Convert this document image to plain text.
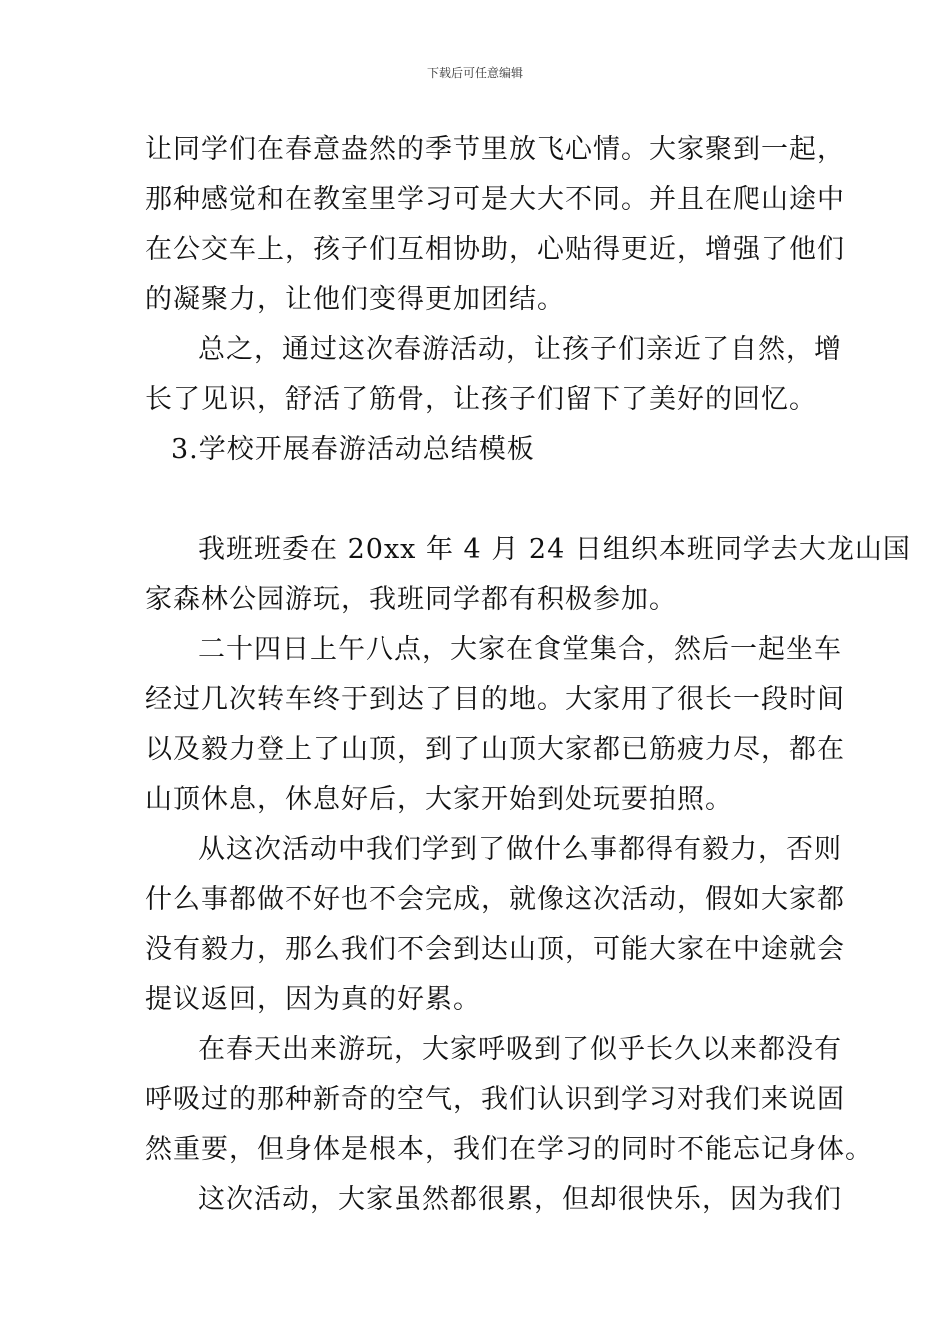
下载后可任意编辑
让同学们在春意盎然的季节里放飞心情。大家聚到一起，
那种感觉和在教室里学习可是大大不同。并且在爬山途中
在公交车上，孩子们互相协助，心贴得更近，增强了他们
的凝聚力，让他们变得更加团结。
总之，通过这次春游活动，让孩子们亲近了自然，增
长了见识，舒活了筋骨，让孩子们留下了美好的回忆。
3.学校开展春游活动总结模板
我班班委在 20xx 年 4 月 24 日组织本班同学去大龙山国
家森林公园游玩，我班同学都有积极参加。
二十四日上午八点，大家在食堂集合，然后一起坐车
经过几次转车终于到达了目的地。大家用了很长一段时间
以及毅力登上了山顶，到了山顶大家都已筋疲力尽，都在
山顶休息，休息好后，大家开始到处玩要拍照。
从这次活动中我们学到了做什么事都得有毅力，否则
什么事都做不好也不会完成，就像这次活动，假如大家都
没有毅力，那么我们不会到达山顶，可能大家在中途就会
提议返回，因为真的好累。
在春天出来游玩，大家呼吸到了似乎长久以来都没有
呼吸过的那种新奇的空气，我们认识到学习对我们来说固
然重要，但身体是根本，我们在学习的同时不能忘记身体。
这次活动，大家虽然都很累，但却很快乐，因为我们
